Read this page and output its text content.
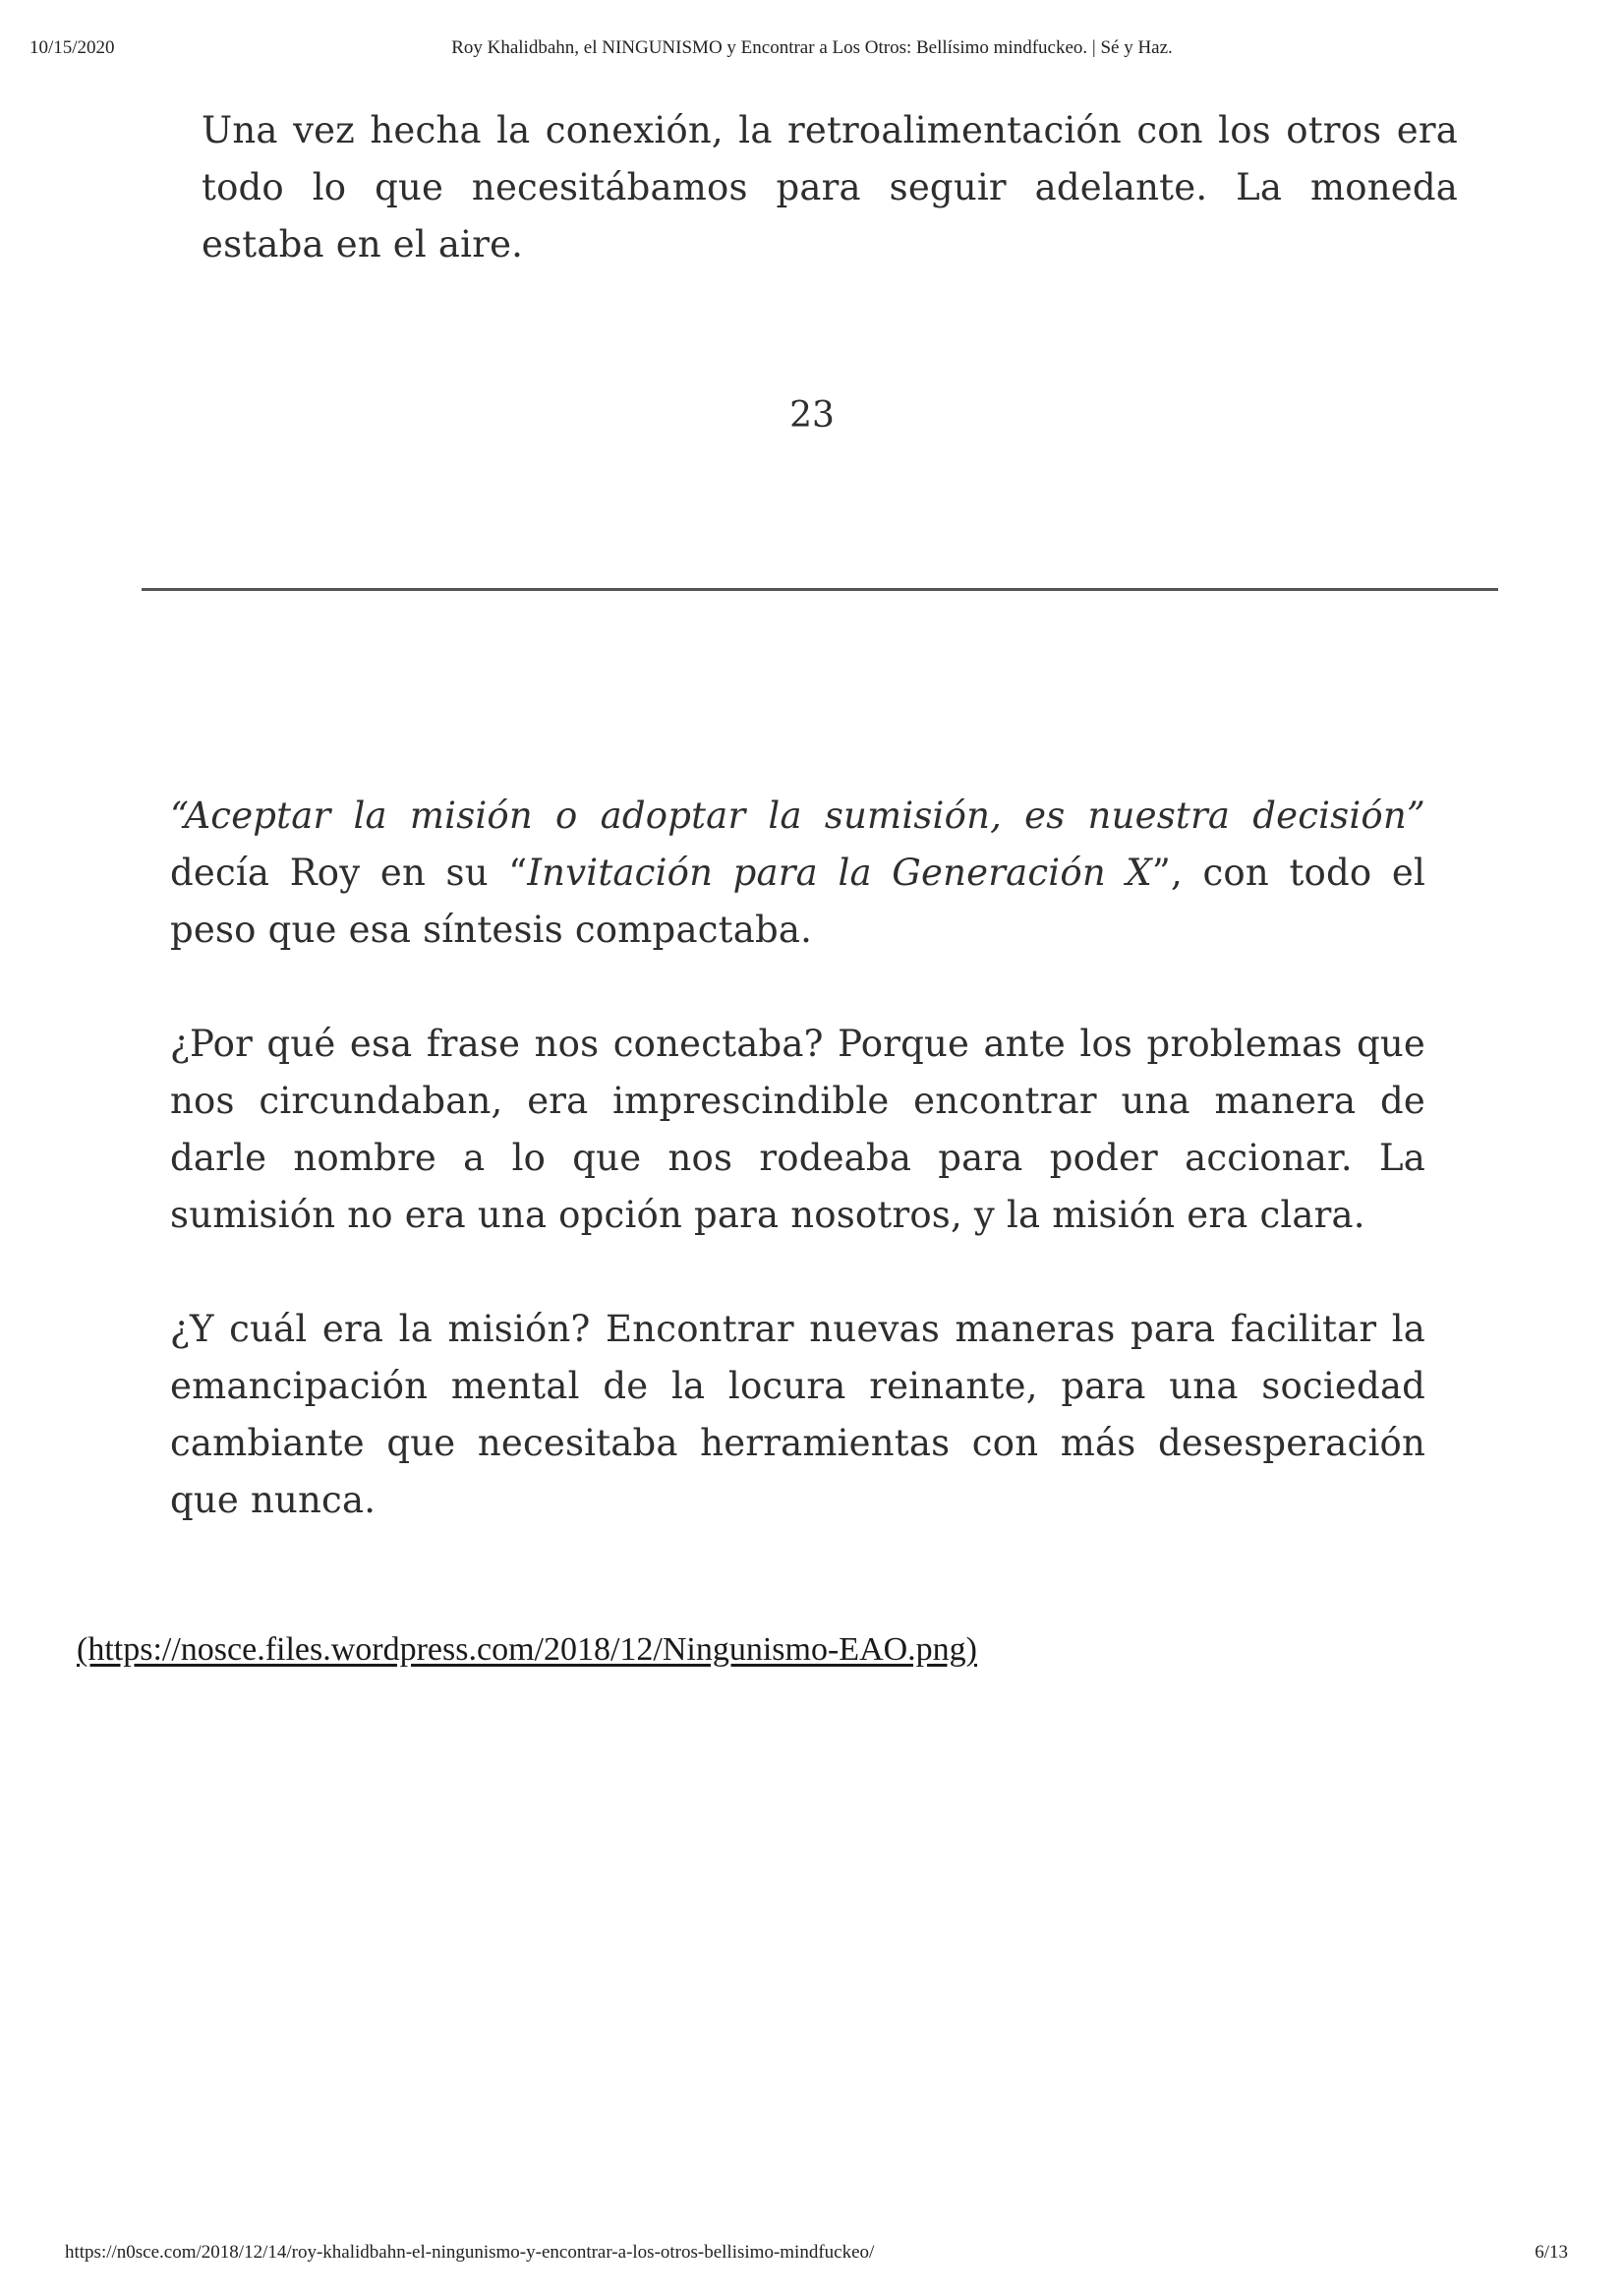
10/15/2020	Roy Khalidbahn, el NINGUNISMO y Encontrar a Los Otros: Bellísimo mindfuckeo. | Sé y Haz.

Una vez hecha la conexión, la retroalimentación con los otros era todo lo que necesitábamos para seguir adelante. La moneda estaba en el aire.

23

“Aceptar la misión o adoptar la sumisión, es nuestra decisión” decía Roy en su “Invitación para la Generación X”, con todo el peso que esa síntesis compactaba.

¿Por qué esa frase nos conectaba? Porque ante los problemas que nos circundaban, era imprescindible encontrar una manera de darle nombre a lo que nos rodeaba para poder accionar. La sumisión no era una opción para nosotros, y la misión era clara.

¿Y cuál era la misión? Encontrar nuevas maneras para facilitar la emancipación mental de la locura reinante, para una sociedad cambiante que necesitaba herramientas con más desesperación que nunca.

(https://nosce.files.wordpress.com/2018/12/Ningunismo-EAO.png)
https://n0sce.com/2018/12/14/roy-khalidbahn-el-ningunismo-y-encontrar-a-los-otros-bellisimo-mindfuckeo/	6/13
